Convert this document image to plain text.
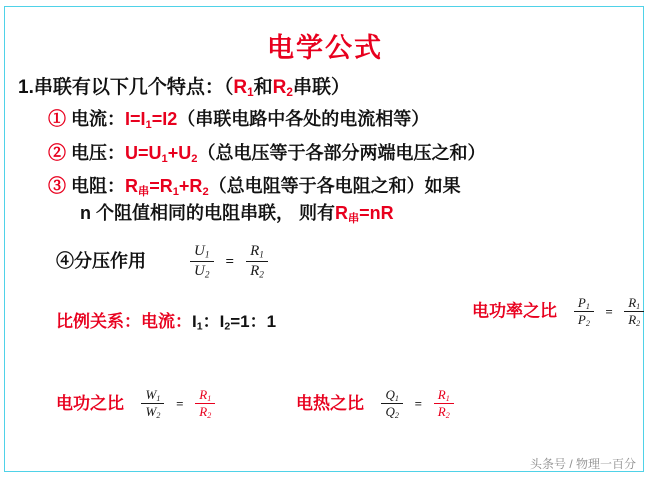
电学公式
1.串联有以下几个特点：（$R_1$和$R_2$串联）
① 电流：$I=I_1=I2$（串联电路中各处的电流相等）
② 电压：$U=U_1+U_2$（总电压等于各部分两端电压之和）
③ 电阻：$R_串=R_1+R_2$（总电阻等于各电阻之和）如果
n 个阻值相同的电阻串联， 则有$R_串=nR$
④分压作用	$\frac{U_1}{U_2} = \frac{R_1}{R_2}$
比例关系：电流：$I_1$：$I_2=1$：1
电功率之比 $\frac{P_1}{P_2} = \frac{R_1}{R_2}$
电功之比 $\frac{W_1}{W_2} = \frac{R_1}{R_2}$	电热之比 $\frac{Q_1}{Q_2} = \frac{R_1}{R_2}$
头条号 / 物理一百分
